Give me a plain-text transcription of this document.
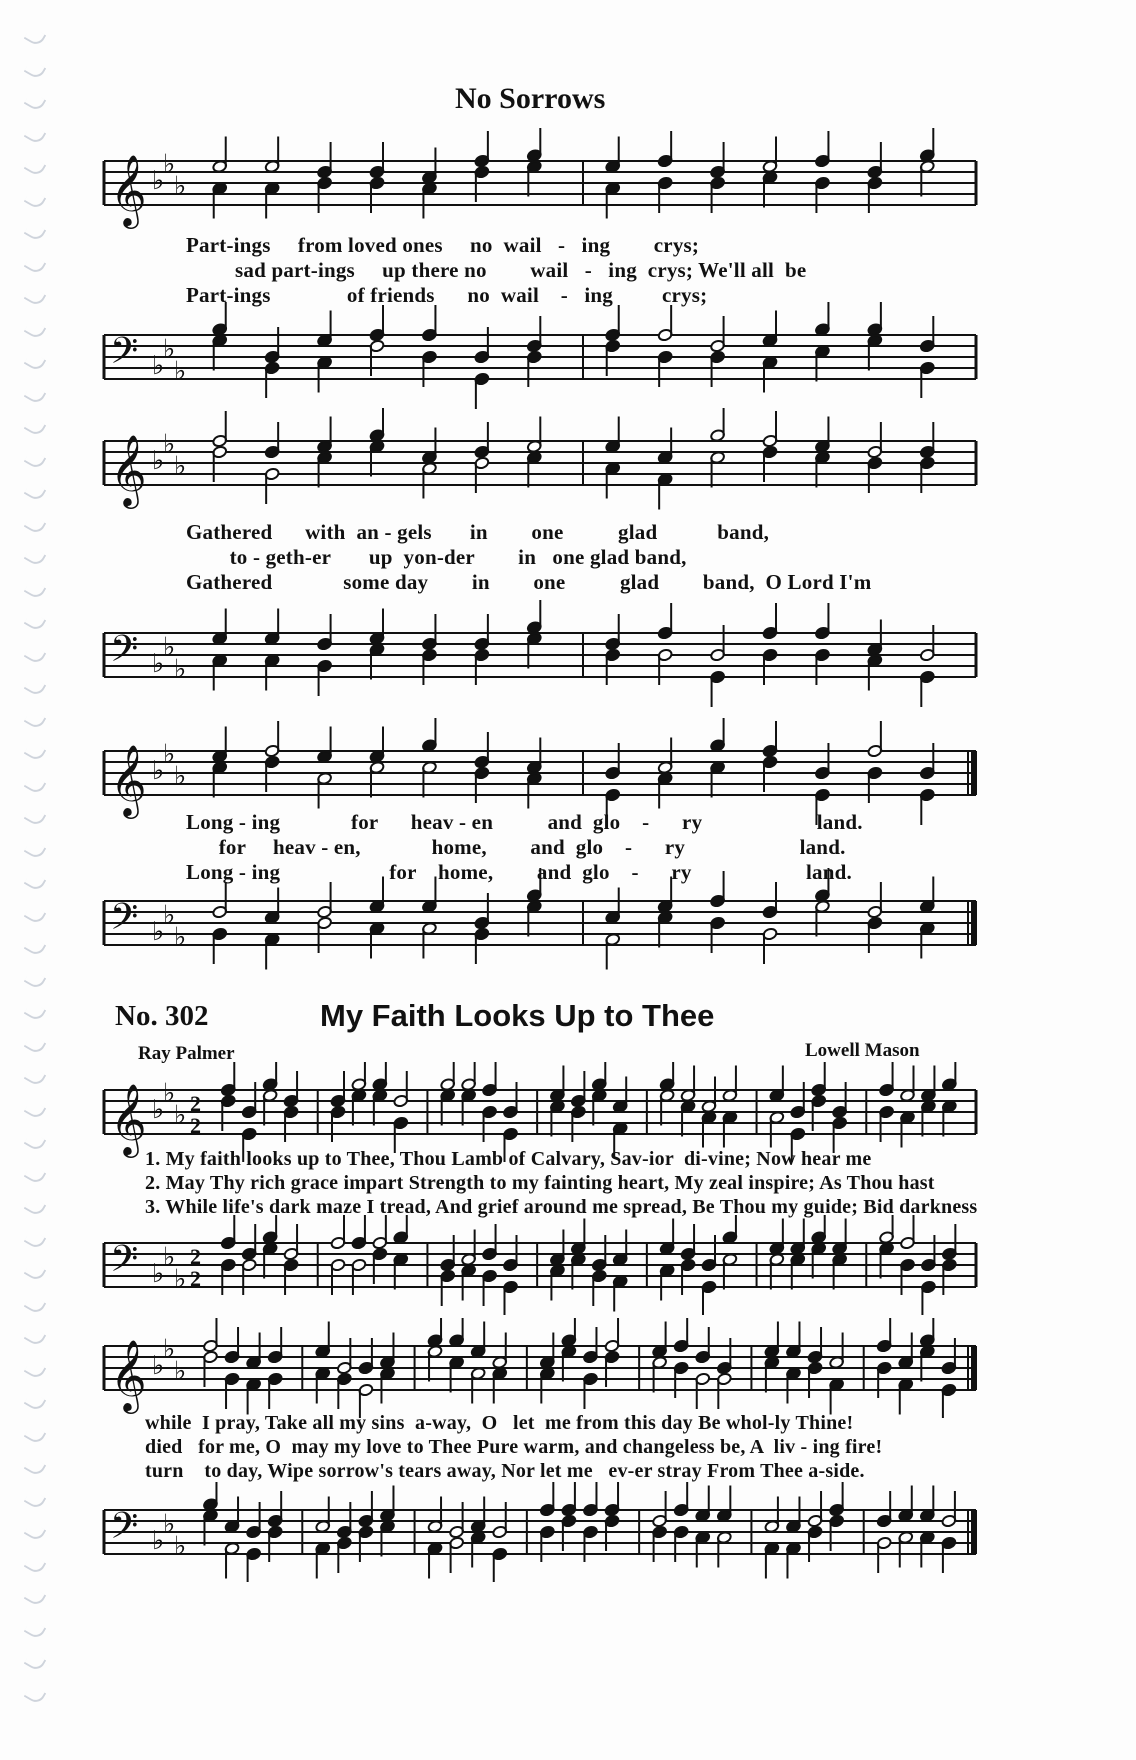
No Sorrows
𝄞 ♭
♭
♭
Part-ings     from loved ones     no  wail   -   ing        crys;
sad part-ings     up there no        wail   -   ing  crys; We'll all  be
Part-ings              of friends      no  wail    -   ing         crys;
𝄢 ♭
♭
♭
𝄞 ♭
♭
♭
Gathered      with  an - gels       in        one          glad           band,
to - geth-er       up  yon-der        in   one glad band,
Gathered             some day        in        one          glad        band,  O Lord I'm
𝄢 ♭
♭
♭
𝄞 ♭
♭
♭
Long - ing             for      heav - en          and  glo    -      ry                     land.
for     heav - en,             home,        and  glo    -      ry                     land.
Long - ing                    for    home,        and  glo    -      ry                     land.
𝄢 ♭
♭
♭
No. 302	My Faith Looks Up to Thee
Ray Palmer	Lowell Mason
𝄞 ♭
♭
♭ 2
2
1. My faith looks up to Thee, Thou Lamb of Calvary, Sav-ior  di-vine; Now hear me
2. May Thy rich grace impart Strength to my fainting heart, My zeal inspire; As Thou hast
3. While life's dark maze I tread, And grief around me spread, Be Thou my guide; Bid darkness
𝄢 ♭
♭
♭
2
2
𝄞 ♭
♭
♭
while  I pray, Take all my sins  a-way,  O   let  me from this day Be whol-ly Thine!
died   for me, O  may my love to Thee Pure warm, and changeless be, A  liv - ing fire!
turn    to day, Wipe sorrow's tears away, Nor let me   ev-er stray From Thee a-side.
𝄢 ♭
♭
♭
